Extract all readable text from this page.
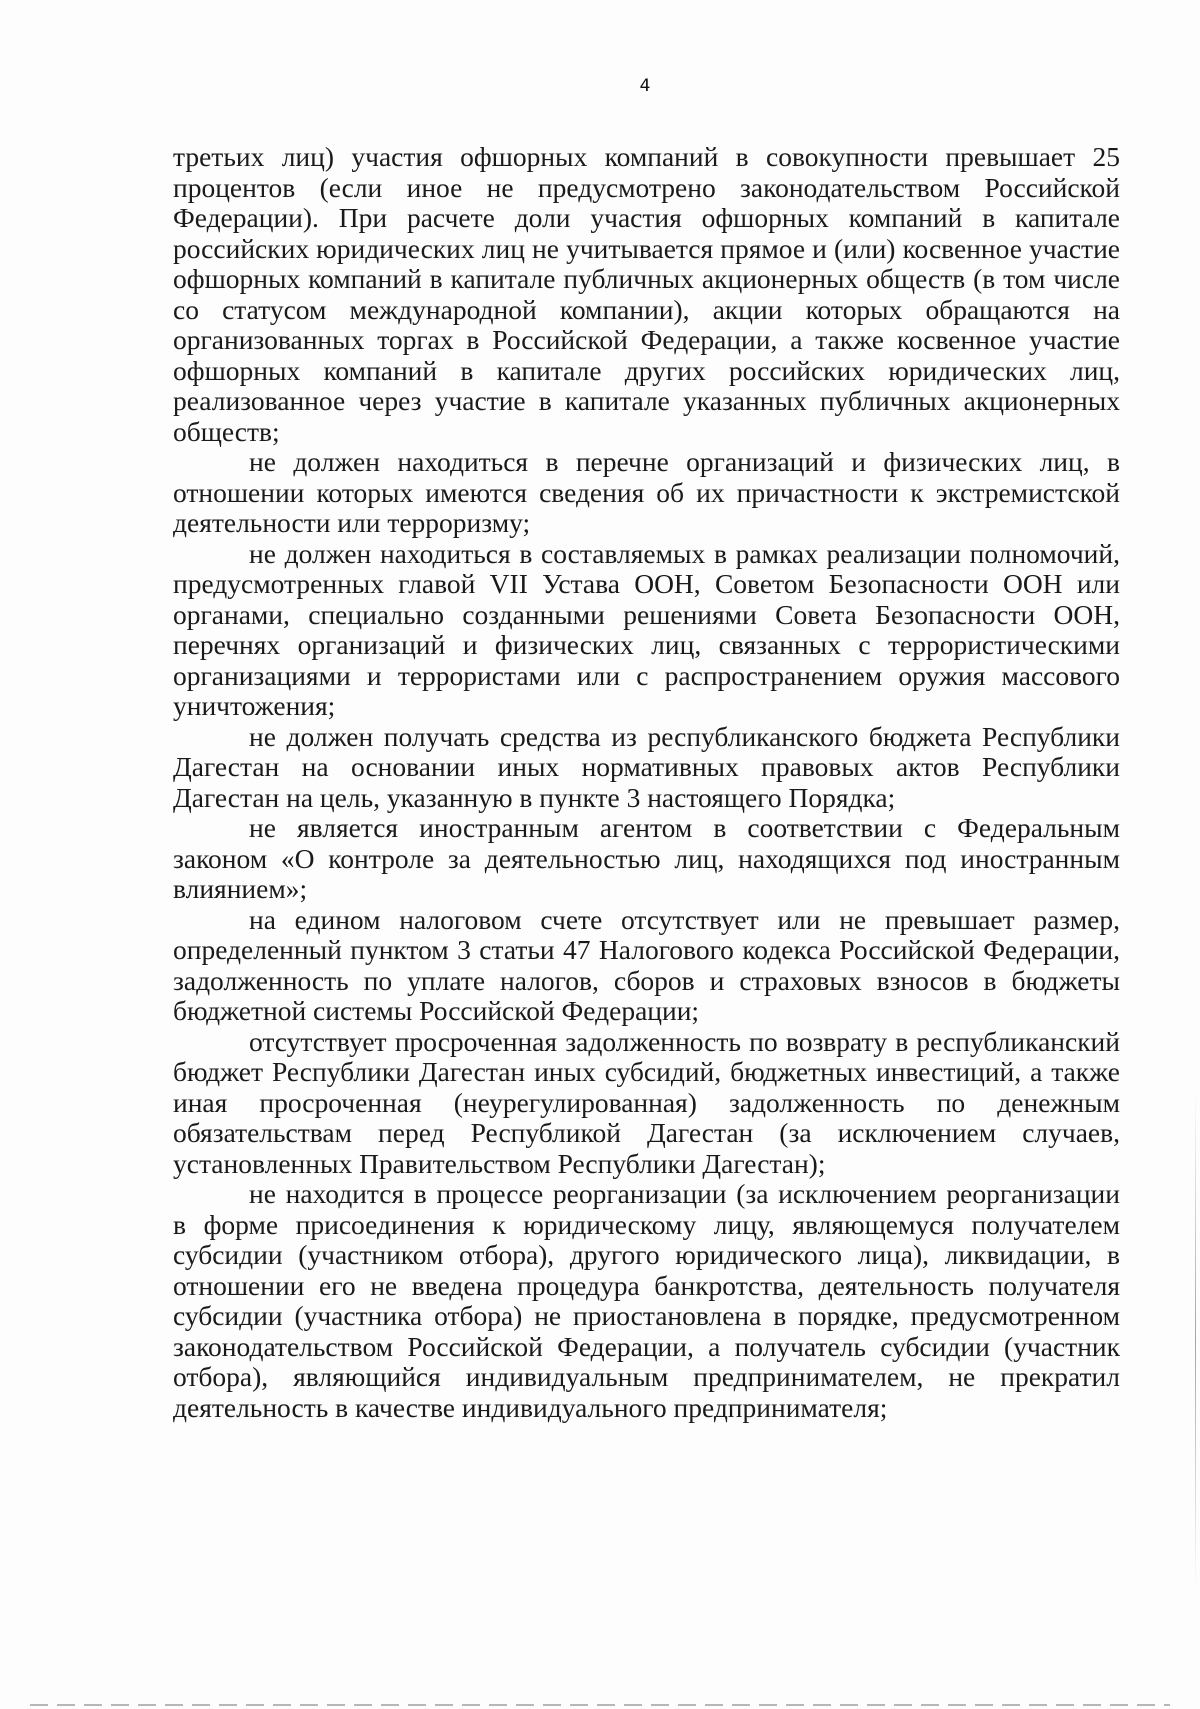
4

третьих лиц) участия офшорных компаний в совокупности превышает 25 процентов (если иное не предусмотрено законодательством Российской Федерации). При расчете доли участия офшорных компаний в капитале российских юридических лиц не учитывается прямое и (или) косвенное участие офшорных компаний в капитале публичных акционерных обществ (в том числе со статусом международной компании), акции которых обращаются на организованных торгах в Российской Федерации, а также косвенное участие офшорных компаний в капитале других российских юридических лиц, реализованное через участие в капитале указанных публичных акционерных обществ;

не должен находиться в перечне организаций и физических лиц, в отношении которых имеются сведения об их причастности к экстремистской деятельности или терроризму;

не должен находиться в составляемых в рамках реализации полномочий, предусмотренных главой VII Устава ООН, Советом Безопасности ООН или органами, специально созданными решениями Совета Безопасности ООН, перечнях организаций и физических лиц, связанных с террористическими организациями и террористами или с распространением оружия массового уничтожения;

не должен получать средства из республиканского бюджета Республики Дагестан на основании иных нормативных правовых актов Республики Дагестан на цель, указанную в пункте 3 настоящего Порядка;

не является иностранным агентом в соответствии с Федеральным законом «О контроле за деятельностью лиц, находящихся под иностранным влиянием»;

на едином налоговом счете отсутствует или не превышает размер, определенный пунктом 3 статьи 47 Налогового кодекса Российской Федерации, задолженность по уплате налогов, сборов и страховых взносов в бюджеты бюджетной системы Российской Федерации;

отсутствует просроченная задолженность по возврату в республиканский бюджет Республики Дагестан иных субсидий, бюджетных инвестиций, а также иная просроченная (неурегулированная) задолженность по денежным обязательствам перед Республикой Дагестан (за исключением случаев, установленных Правительством Республики Дагестан);

не находится в процессе реорганизации (за исключением реорганизации в форме присоединения к юридическому лицу, являющемуся получателем субсидии (участником отбора), другого юридического лица), ликвидации, в отношении его не введена процедура банкротства, деятельность получателя субсидии (участника отбора) не приостановлена в порядке, предусмотренном законодательством Российской Федерации, а получатель субсидии (участник отбора), являющийся индивидуальным предпринимателем, не прекратил деятельность в качестве индивидуального предпринимателя;
